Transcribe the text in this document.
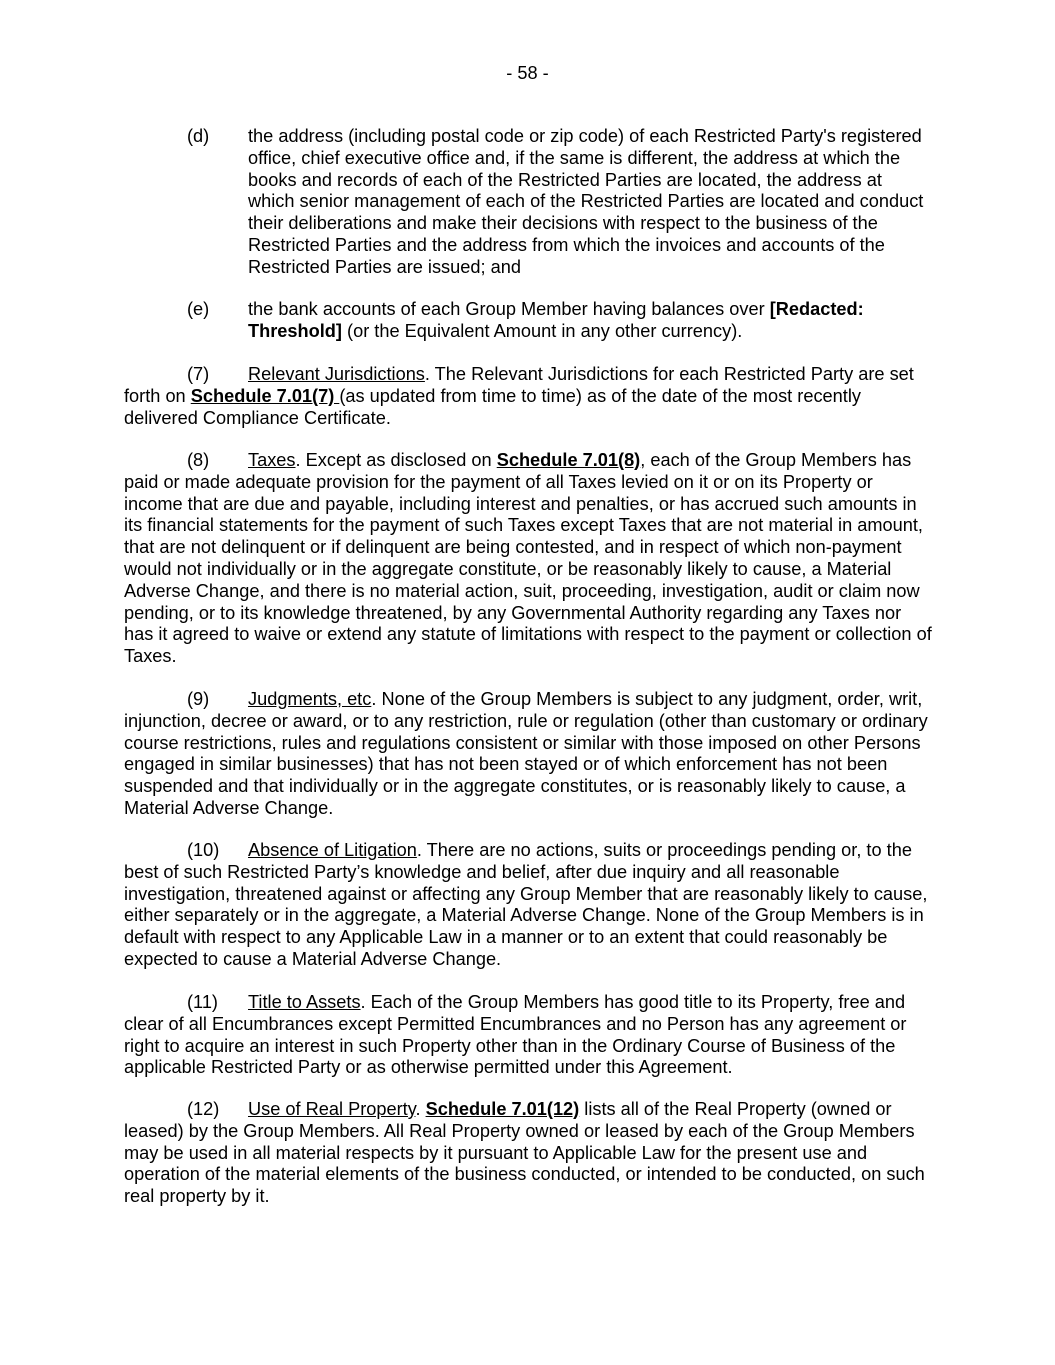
- 58 -
(d) the address (including postal code or zip code) of each Restricted Party's registered office, chief executive office and, if the same is different, the address at which the books and records of each of the Restricted Parties are located, the address at which senior management of each of the Restricted Parties are located and conduct their deliberations and make their decisions with respect to the business of the Restricted Parties and the address from which the invoices and accounts of the Restricted Parties are issued; and

(e) the bank accounts of each Group Member having balances over [Redacted: Threshold] (or the Equivalent Amount in any other currency).

(7) Relevant Jurisdictions. The Relevant Jurisdictions for each Restricted Party are set forth on Schedule 7.01(7) (as updated from time to time) as of the date of the most recently delivered Compliance Certificate.

(8) Taxes. Except as disclosed on Schedule 7.01(8), each of the Group Members has paid or made adequate provision for the payment of all Taxes levied on it or on its Property or income that are due and payable, including interest and penalties, or has accrued such amounts in its financial statements for the payment of such Taxes except Taxes that are not material in amount, that are not delinquent or if delinquent are being contested, and in respect of which non-payment would not individually or in the aggregate constitute, or be reasonably likely to cause, a Material Adverse Change, and there is no material action, suit, proceeding, investigation, audit or claim now pending, or to its knowledge threatened, by any Governmental Authority regarding any Taxes nor has it agreed to waive or extend any statute of limitations with respect to the payment or collection of Taxes.

(9) Judgments, etc. None of the Group Members is subject to any judgment, order, writ, injunction, decree or award, or to any restriction, rule or regulation (other than customary or ordinary course restrictions, rules and regulations consistent or similar with those imposed on other Persons engaged in similar businesses) that has not been stayed or of which enforcement has not been suspended and that individually or in the aggregate constitutes, or is reasonably likely to cause, a Material Adverse Change.

(10) Absence of Litigation. There are no actions, suits or proceedings pending or, to the best of such Restricted Party’s knowledge and belief, after due inquiry and all reasonable investigation, threatened against or affecting any Group Member that are reasonably likely to cause, either separately or in the aggregate, a Material Adverse Change. None of the Group Members is in default with respect to any Applicable Law in a manner or to an extent that could reasonably be expected to cause a Material Adverse Change.

(11) Title to Assets. Each of the Group Members has good title to its Property, free and clear of all Encumbrances except Permitted Encumbrances and no Person has any agreement or right to acquire an interest in such Property other than in the Ordinary Course of Business of the applicable Restricted Party or as otherwise permitted under this Agreement.

(12) Use of Real Property. Schedule 7.01(12) lists all of the Real Property (owned or leased) by the Group Members. All Real Property owned or leased by each of the Group Members may be used in all material respects by it pursuant to Applicable Law for the present use and operation of the material elements of the business conducted, or intended to be conducted, on such real property by it.
